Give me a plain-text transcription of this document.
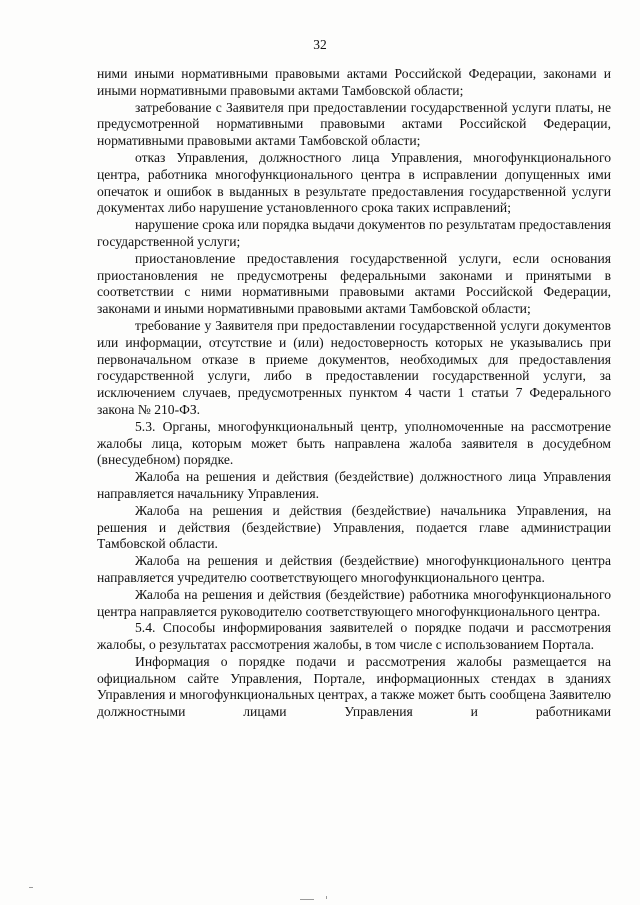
32

ними иными нормативными правовыми актами Российской Федерации, законами и иными нормативными правовыми актами Тамбовской области;

затребование с Заявителя при предоставлении государственной услуги платы, не предусмотренной нормативными правовыми актами Российской Федерации, нормативными правовыми актами Тамбовской области;

отказ Управления, должностного лица Управления, многофункционального центра, работника многофункционального центра в исправлении допущенных ими опечаток и ошибок в выданных в результате предоставления государственной услуги документах либо нарушение установленного срока таких исправлений;

нарушение срока или порядка выдачи документов по результатам предоставления государственной услуги;

приостановление предоставления государственной услуги, если основания приостановления не предусмотрены федеральными законами и принятыми в соответствии с ними нормативными правовыми актами Российской Федерации, законами и иными нормативными правовыми актами Тамбовской области;

требование у Заявителя при предоставлении государственной услуги документов или информации, отсутствие и (или) недостоверность которых не указывались при первоначальном отказе в приеме документов, необходимых для предоставления государственной услуги, либо в предоставлении государственной услуги, за исключением случаев, предусмотренных пунктом 4 части 1 статьи 7 Федерального закона № 210-ФЗ.

5.3. Органы, многофункциональный центр, уполномоченные на рассмотрение жалобы лица, которым может быть направлена жалоба заявителя в досудебном (внесудебном) порядке.

Жалоба на решения и действия (бездействие) должностного лица Управления направляется начальнику Управления.

Жалоба на решения и действия (бездействие) начальника Управления, на решения и действия (бездействие) Управления, подается главе администрации Тамбовской области.

Жалоба на решения и действия (бездействие) многофункционального центра направляется учредителю соответствующего многофункционального центра.

Жалоба на решения и действия (бездействие) работника многофункционального центра направляется руководителю соответствующего многофункционального центра.

5.4. Способы информирования заявителей о порядке подачи и рассмотрения жалобы, о результатах рассмотрения жалобы, в том числе с использованием Портала.

Информация о порядке подачи и рассмотрения жалобы размещается на официальном сайте Управления, Портале, информационных стендах в зданиях Управления и многофункциональных центрах, а также может быть сообщена Заявителю должностными лицами Управления и работниками
